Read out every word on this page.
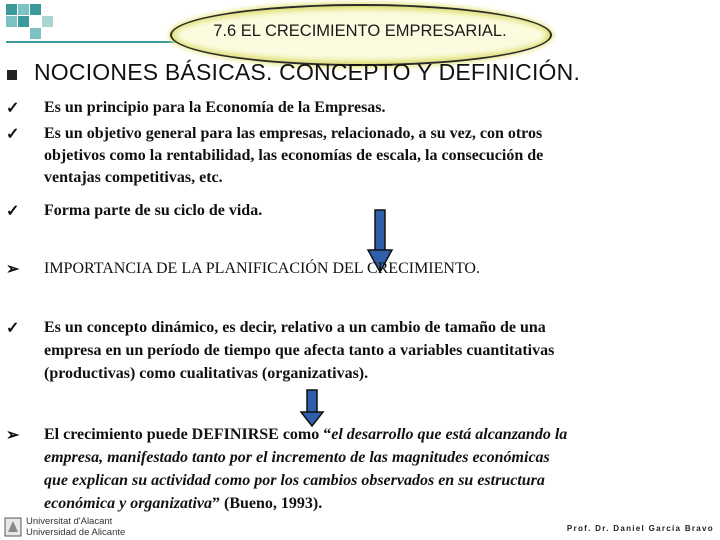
7.6 EL CRECIMIENTO EMPRESARIAL.
NOCIONES BÁSICAS. CONCEPTO Y DEFINICIÓN.
✓ Es un principio para la Economía de la Empresas.
✓ Es un objetivo general para las empresas, relacionado, a su vez, con otros
objetivos como la rentabilidad, las economías de escala, la consecución de
ventajas competitivas, etc.
✓ Forma parte de su ciclo de vida.
➢ IMPORTANCIA DE LA PLANIFICACIÓN DEL CRECIMIENTO.
✓ Es un concepto dinámico, es decir, relativo a un cambio de tamaño de una
empresa en un período de tiempo que afecta tanto a variables cuantitativas
(productivas) como cualitativas (organizativas).
➢ El crecimiento puede DEFINIRSE como “el desarrollo que está alcanzando la
empresa, manifestado tanto por el incremento de las magnitudes económicas
que explican su actividad como por los cambios observados en su estructura
económica y organizativa” (Bueno, 1993).
Universitat d'Alacant
Universidad de Alicante	Prof. Dr. Daniel García Bravo
